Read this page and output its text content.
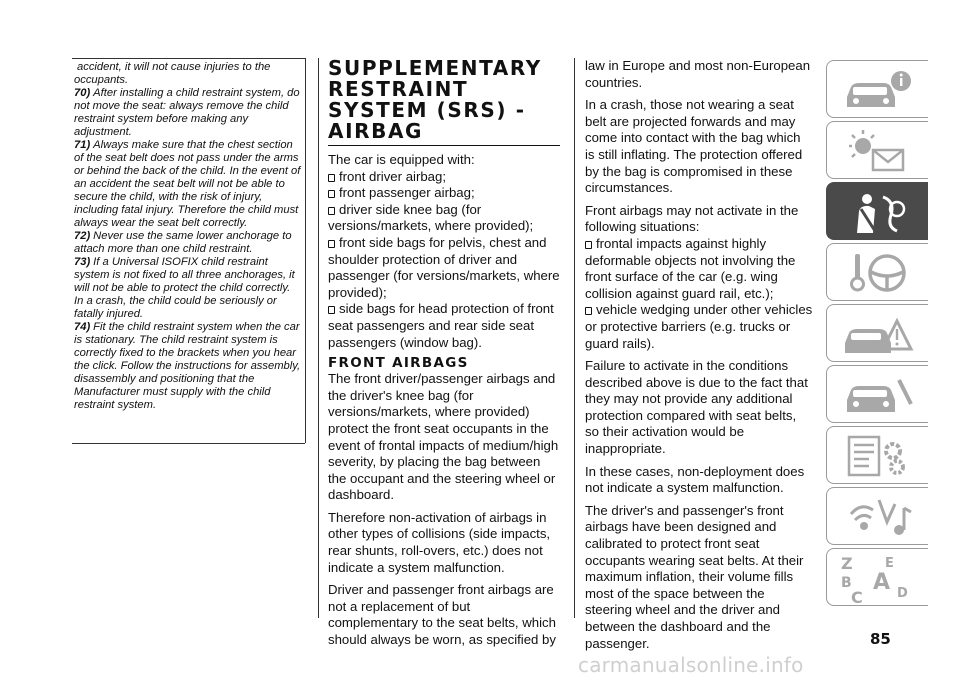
accident, it will not cause injuries to the occupants.

70) After installing a child restraint system, do not move the seat: always remove the child restraint system before making any adjustment.

71) Always make sure that the chest section of the seat belt does not pass under the arms or behind the back of the child. In the event of an accident the seat belt will not be able to secure the child, with the risk of injury, including fatal injury. Therefore the child must always wear the seat belt correctly.

72) Never use the same lower anchorage to attach more than one child restraint.

73) If a Universal ISOFIX child restraint system is not fixed to all three anchorages, it will not be able to protect the child correctly. In a crash, the child could be seriously or fatally injured.

74) Fit the child restraint system when the car is stationary. The child restraint system is correctly fixed to the brackets when you hear the click. Follow the instructions for assembly, disassembly and positioning that the Manufacturer must supply with the child restraint system.

SUPPLEMENTARY RESTRAINT SYSTEM (SRS) - AIRBAG

The car is equipped with:

front driver airbag;
front passenger airbag;
driver side knee bag (for versions/markets, where provided);
front side bags for pelvis, chest and shoulder protection of driver and passenger (for versions/markets, where provided);
side bags for head protection of front seat passengers and rear side seat passengers (window bag).
FRONT AIRBAGS

The front driver/passenger airbags and the driver's knee bag (for versions/markets, where provided) protect the front seat occupants in the event of frontal impacts of medium/high severity, by placing the bag between the occupant and the steering wheel or dashboard.

Therefore non-activation of airbags in other types of collisions (side impacts, rear shunts, roll-overs, etc.) does not indicate a system malfunction.

Driver and passenger front airbags are not a replacement of but complementary to the seat belts, which should always be worn, as specified by

law in Europe and most non-European countries.

In a crash, those not wearing a seat belt are projected forwards and may come into contact with the bag which is still inflating. The protection offered by the bag is compromised in these circumstances.

Front airbags may not activate in the following situations:

frontal impacts against highly deformable objects not involving the front surface of the car (e.g. wing collision against guard rail, etc.);
vehicle wedging under other vehicles or protective barriers (e.g. trucks or guard rails).

Failure to activate in the conditions described above is due to the fact that they may not provide any additional protection compared with seat belts, so their activation would be inappropriate.

In these cases, non-deployment does not indicate a system malfunction.

The driver's and passenger's front airbags have been designed and calibrated to protect front seat occupants wearing seat belts. At their maximum inflation, their volume fills most of the space between the steering wheel and the driver and between the dashboard and the passenger.

Z E
B A
C	D
85
carmanualsonline.info
